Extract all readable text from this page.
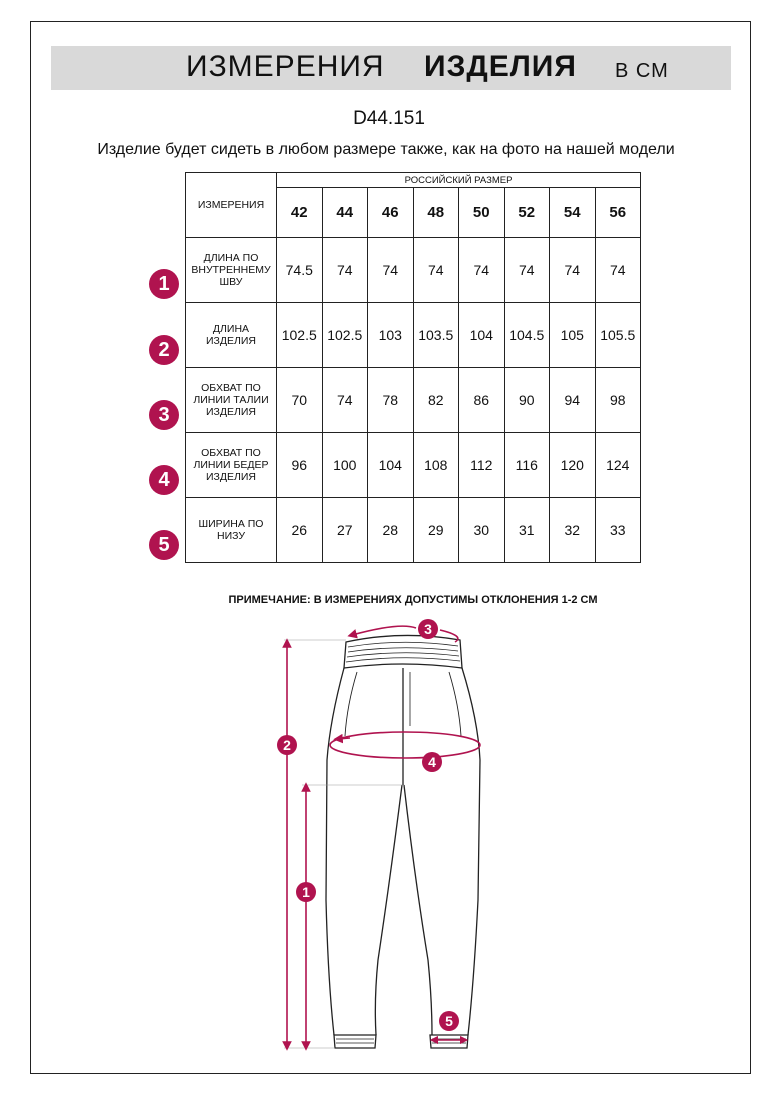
ИЗМЕРЕНИЯ ИЗДЕЛИЯ В СМ
D44.151
Изделие будет сидеть в любом размере также, как на фото на нашей модели
ИЗМЕРЕНИЯ	РОССИЙСКИЙ РАЗМЕР							
	42	44	46	48	50	52	54	56
ДЛИНА ПО
ВНУТРЕННЕМУ
ШВУ	74.5	74	74	74	74	74	74	74
ДЛИНА
ИЗДЕЛИЯ	102.5	102.5	103	103.5	104	104.5	105	105.5
ОБХВАТ ПО
ЛИНИИ ТАЛИИ
ИЗДЕЛИЯ	70	74	78	82	86	90	94	98
ОБХВАТ ПО
ЛИНИИ БЕДЕР
ИЗДЕЛИЯ	96	100	104	108	112	116	120	124
ШИРИНА ПО
НИЗУ	26	27	28	29	30	31	32	33
1
2
3
4
5
ПРИМЕЧАНИЕ: В ИЗМЕРЕНИЯХ ДОПУСТИМЫ ОТКЛОНЕНИЯ 1-2 СМ
3
2
4
1
5
